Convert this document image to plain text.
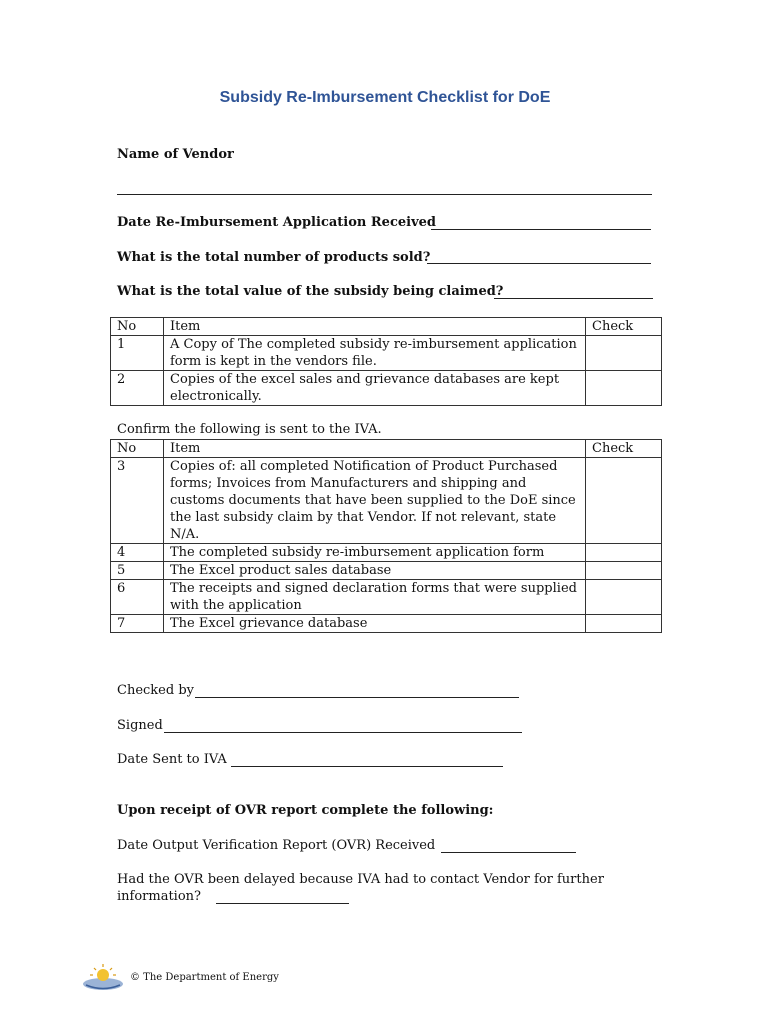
Subsidy Re-Imbursement Checklist for DoE
Name of Vendor
Date Re-Imbursement Application Received
What is the total number of products sold?
What is the total value of the subsidy being claimed?
No	Item	Check
1	A Copy of The completed subsidy re-imbursement application form is kept in the vendors file.	
2	Copies of the excel sales and grievance databases are kept electronically.	
Confirm the following is sent to the IVA.
No	Item	Check
3	Copies of: all completed Notification of Product Purchased forms; Invoices from Manufacturers and shipping and customs documents that have been supplied to the DoE since the last subsidy claim by that Vendor. If not relevant, state N/A.	
4	The completed subsidy re-imbursement application form	
5	The Excel product sales database	
6	The receipts and signed declaration forms that were supplied with the application	
7	The Excel grievance database	
Checked by
Signed
Date Sent to IVA
Upon receipt of OVR report complete the following:
Date Output Verification Report (OVR) Received
Had the OVR been delayed because IVA had to contact Vendor for further
information?
© The Department of Energy
